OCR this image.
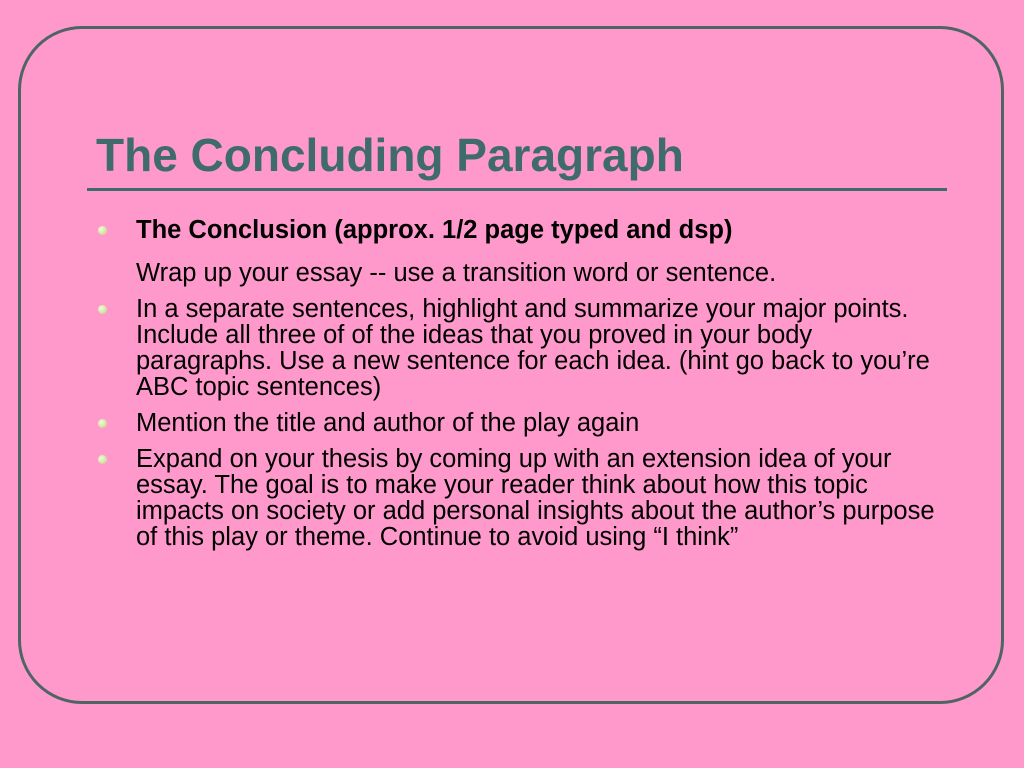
The Concluding Paragraph
The Conclusion (approx. 1/2 page typed and dsp)
Wrap up your essay -- use a transition word or sentence.
In a separate sentences, highlight and summarize your major points. Include all three of of the ideas that you proved in your body paragraphs. Use a new sentence for each idea. (hint go back to you’re ABC topic sentences)
Mention the title and author of the play again
Expand on your thesis by coming up with an extension idea of your essay. The goal is to make your reader think about how this topic impacts on society or add personal insights about the author’s purpose of this play or theme. Continue to avoid using “I think”
